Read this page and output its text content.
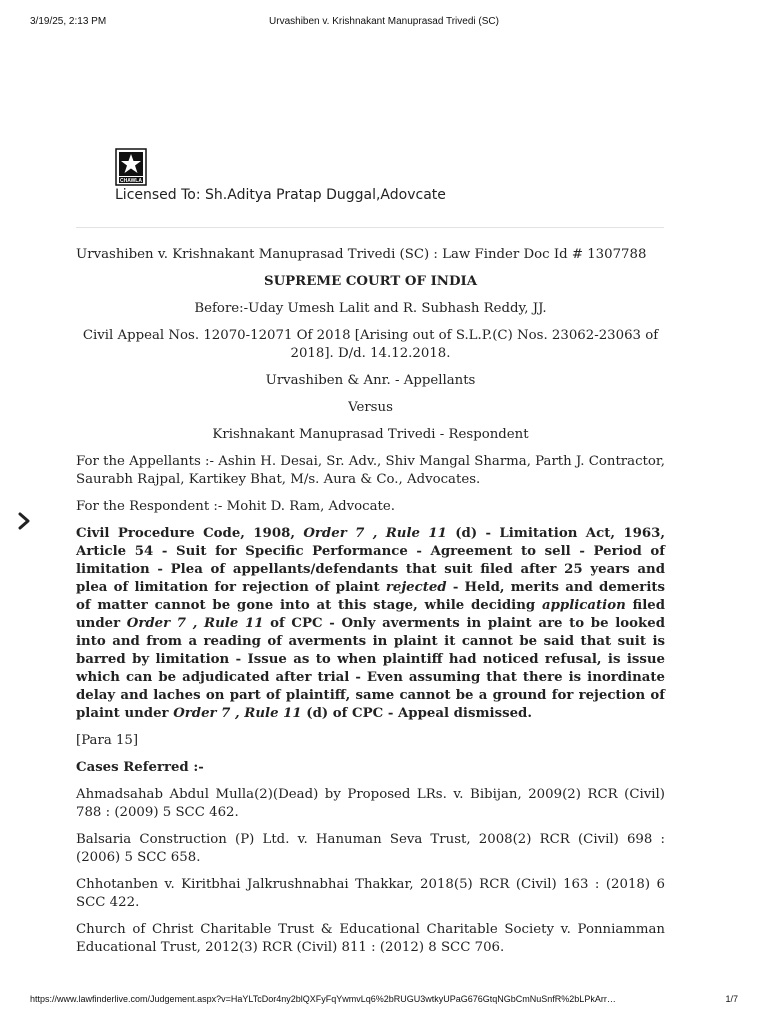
3/19/25, 2:13 PM	Urvashiben v. Krishnakant Manuprasad Trivedi (SC)
CHAWLA
Licensed To: Sh.Aditya Pratap Duggal,Adovcate

Urvashiben v. Krishnakant Manuprasad Trivedi (SC) : Law Finder Doc Id # 1307788

SUPREME COURT OF INDIA

Before:-Uday Umesh Lalit and R. Subhash Reddy, JJ.

Civil Appeal Nos. 12070-12071 Of 2018 [Arising out of S.L.P.(C) Nos. 23062-23063 of 2018]. D/d. 14.12.2018.

Urvashiben & Anr. - Appellants

Versus

Krishnakant Manuprasad Trivedi - Respondent

For the Appellants :- Ashin H. Desai, Sr. Adv., Shiv Mangal Sharma, Parth J. Contractor, Saurabh Rajpal, Kartikey Bhat, M/s. Aura & Co., Advocates.

For the Respondent :- Mohit D. Ram, Advocate.

Civil Procedure Code, 1908, Order 7 , Rule 11 (d) - Limitation Act, 1963, Article 54 - Suit for Specific Performance - Agreement to sell - Period of limitation - Plea of appellants/defendants that suit filed after 25 years and plea of limitation for rejection of plaint rejected - Held, merits and demerits of matter cannot be gone into at this stage, while deciding application filed under Order 7 , Rule 11 of CPC - Only averments in plaint are to be looked into and from a reading of averments in plaint it cannot be said that suit is barred by limitation - Issue as to when plaintiff had noticed refusal, is issue which can be adjudicated after trial - Even assuming that there is inordinate delay and laches on part of plaintiff, same cannot be a ground for rejection of plaint under Order 7 , Rule 11 (d) of CPC - Appeal dismissed.

[Para 15]

Cases Referred :-

Ahmadsahab Abdul Mulla(2)(Dead) by Proposed LRs. v. Bibijan, 2009(2) RCR (Civil) 788 : (2009) 5 SCC 462.

Balsaria Construction (P) Ltd. v. Hanuman Seva Trust, 2008(2) RCR (Civil) 698 : (2006) 5 SCC 658.

Chhotanben v. Kiritbhai Jalkrushnabhai Thakkar, 2018(5) RCR (Civil) 163 : (2018) 6 SCC 422.

Church of Christ Charitable Trust & Educational Charitable Society v. Ponniamman Educational Trust, 2012(3) RCR (Civil) 811 : (2012) 8 SCC 706.

https://www.lawfinderlive.com/Judgement.aspx?v=HaYLTcDor4ny2blQXFyFqYwmvLq6%2bRUGU3wtkyUPaG676GtqNGbCmNuSnfR%2bLPkArr…	1/7
